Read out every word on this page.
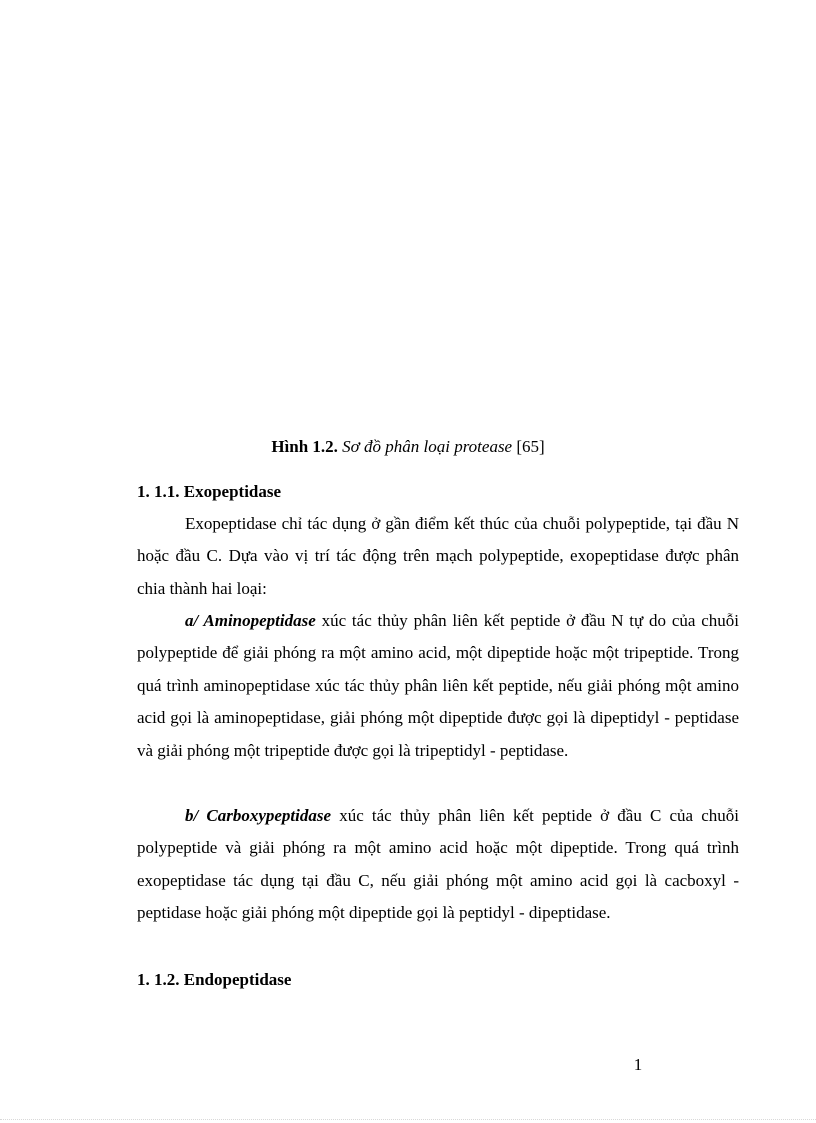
Hình 1.2. Sơ đồ phân loại protease [65]
1. 1.1. Exopeptidase

Exopeptidase chỉ tác dụng ở gần điểm kết thúc của chuỗi polypeptide, tại đầu N hoặc đầu C. Dựa vào vị trí tác động trên mạch polypeptide, exopeptidase được phân chia thành hai loại:

a/ Aminopeptidase xúc tác thủy phân liên kết peptide ở đầu N tự do của chuỗi polypeptide để giải phóng ra một amino acid, một dipeptide hoặc một tripeptide. Trong quá trình aminopeptidase xúc tác thủy phân liên kết peptide, nếu giải phóng một amino acid gọi là aminopeptidase, giải phóng một dipeptide được gọi là dipeptidyl - peptidase và giải phóng một tripeptide được gọi là tripeptidyl - peptidase.

b/ Carboxypeptidase xúc tác thủy phân liên kết peptide ở đầu C của chuỗi polypeptide và giải phóng ra một amino acid hoặc một dipeptide. Trong quá trình exopeptidase tác dụng tại đầu C, nếu giải phóng một amino acid gọi là cacboxyl - peptidase hoặc giải phóng một dipeptide gọi là peptidyl - dipeptidase.

1. 1.2. Endopeptidase
1
